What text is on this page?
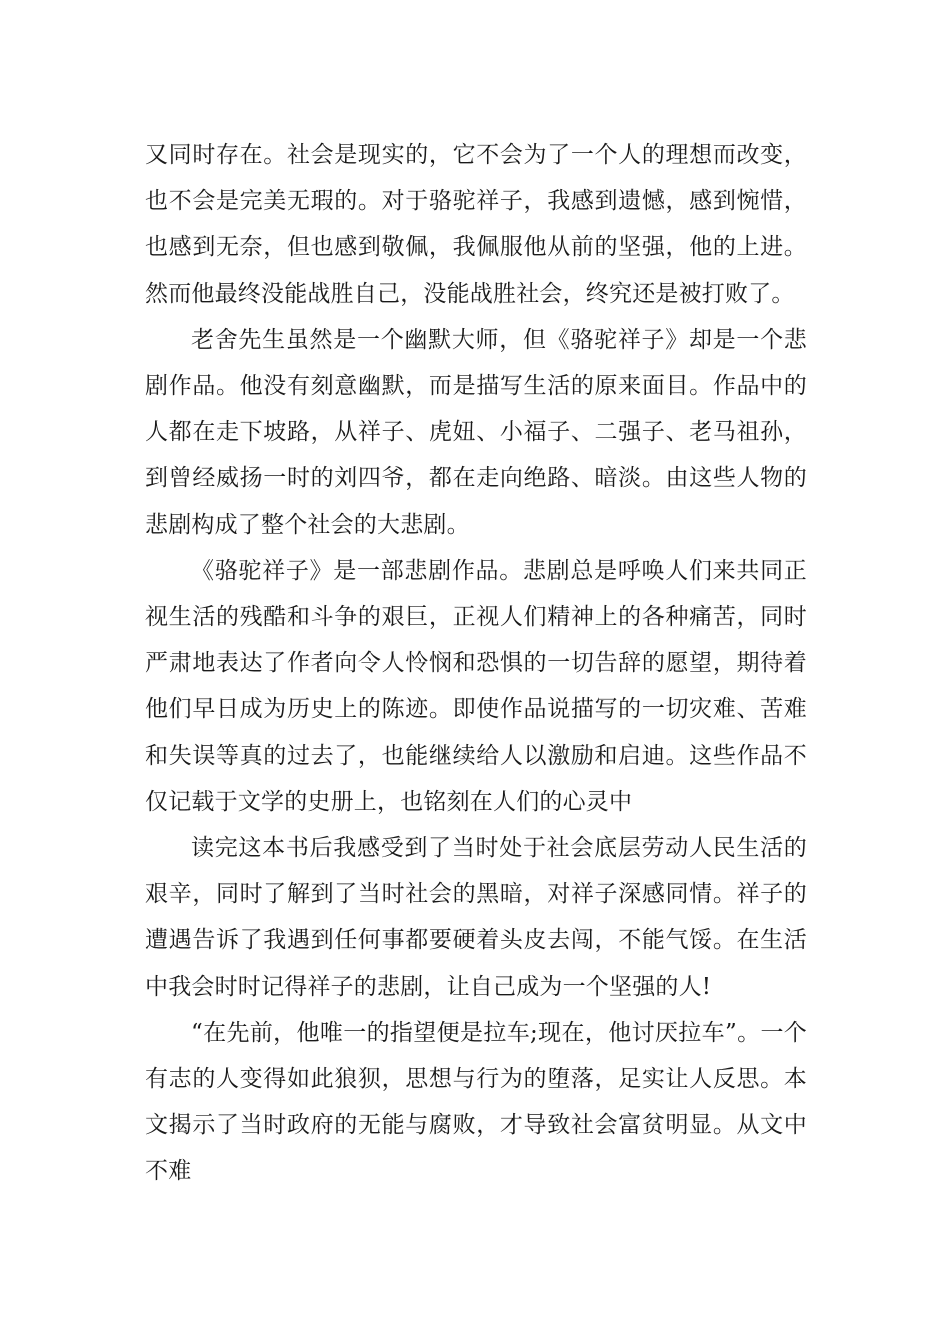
又同时存在。社会是现实的，它不会为了一个人的理想而改变，也不会是完美无瑕的。对于骆驼祥子，我感到遗憾，感到惋惜，也感到无奈，但也感到敬佩，我佩服他从前的坚强，他的上进。然而他最终没能战胜自己，没能战胜社会，终究还是被打败了。

老舍先生虽然是一个幽默大师，但《骆驼祥子》却是一个悲剧作品。他没有刻意幽默，而是描写生活的原来面目。作品中的人都在走下坡路，从祥子、虎妞、小福子、二强子、老马祖孙，到曾经威扬一时的刘四爷，都在走向绝路、暗淡。由这些人物的悲剧构成了整个社会的大悲剧。

《骆驼祥子》是一部悲剧作品。悲剧总是呼唤人们来共同正视生活的残酷和斗争的艰巨，正视人们精神上的各种痛苦，同时严肃地表达了作者向令人怜悯和恐惧的一切告辞的愿望，期待着他们早日成为历史上的陈迹。即使作品说描写的一切灾难、苦难和失误等真的过去了，也能继续给人以激励和启迪。这些作品不仅记载于文学的史册上，也铭刻在人们的心灵中

读完这本书后我感受到了当时处于社会底层劳动人民生活的艰辛，同时了解到了当时社会的黑暗，对祥子深感同情。祥子的遭遇告诉了我遇到任何事都要硬着头皮去闯，不能气馁。在生活中我会时时记得祥子的悲剧，让自己成为一个坚强的人!

“在先前，他唯一的指望便是拉车;现在，他讨厌拉车”。一个有志的人变得如此狼狈，思想与行为的堕落，足实让人反思。本文揭示了当时政府的无能与腐败，才导致社会富贫明显。从文中不难
